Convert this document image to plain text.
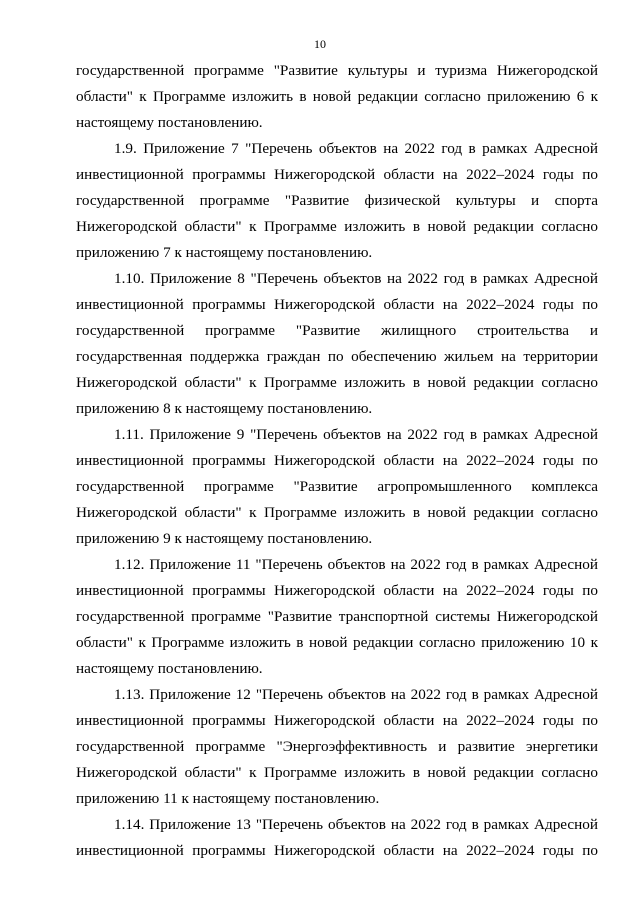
10
государственной программе "Развитие культуры и туризма Нижегородской
области" к Программе изложить в новой редакции согласно приложению 6 к
настоящему постановлению.
1.9. Приложение 7 "Перечень объектов на 2022 год в рамках Адресной
инвестиционной программы Нижегородской области на 2022–2024 годы по
государственной программе "Развитие физической культуры и спорта
Нижегородской области" к Программе изложить в новой редакции согласно
приложению 7 к настоящему постановлению.
1.10. Приложение 8 "Перечень объектов на 2022 год в рамках Адресной
инвестиционной программы Нижегородской области на 2022–2024 годы по
государственной программе "Развитие жилищного строительства и
государственная поддержка граждан по обеспечению жильем на территории
Нижегородской области" к Программе изложить в новой редакции согласно
приложению 8 к настоящему постановлению.
1.11. Приложение 9 "Перечень объектов на 2022 год в рамках Адресной
инвестиционной программы Нижегородской области на 2022–2024 годы по
государственной программе "Развитие агропромышленного комплекса
Нижегородской области" к Программе изложить в новой редакции согласно
приложению 9 к настоящему постановлению.
1.12. Приложение 11 "Перечень объектов на 2022 год в рамках Адресной
инвестиционной программы Нижегородской области на 2022–2024 годы по
государственной программе "Развитие транспортной системы Нижегородской
области" к Программе изложить в новой редакции согласно приложению 10 к
настоящему постановлению.
1.13. Приложение 12 "Перечень объектов на 2022 год в рамках Адресной
инвестиционной программы Нижегородской области на 2022–2024 годы по
государственной программе "Энергоэффективность и развитие энергетики
Нижегородской области" к Программе изложить в новой редакции согласно
приложению 11 к настоящему постановлению.
1.14. Приложение 13 "Перечень объектов на 2022 год в рамках Адресной
инвестиционной программы Нижегородской области на 2022–2024 годы по
